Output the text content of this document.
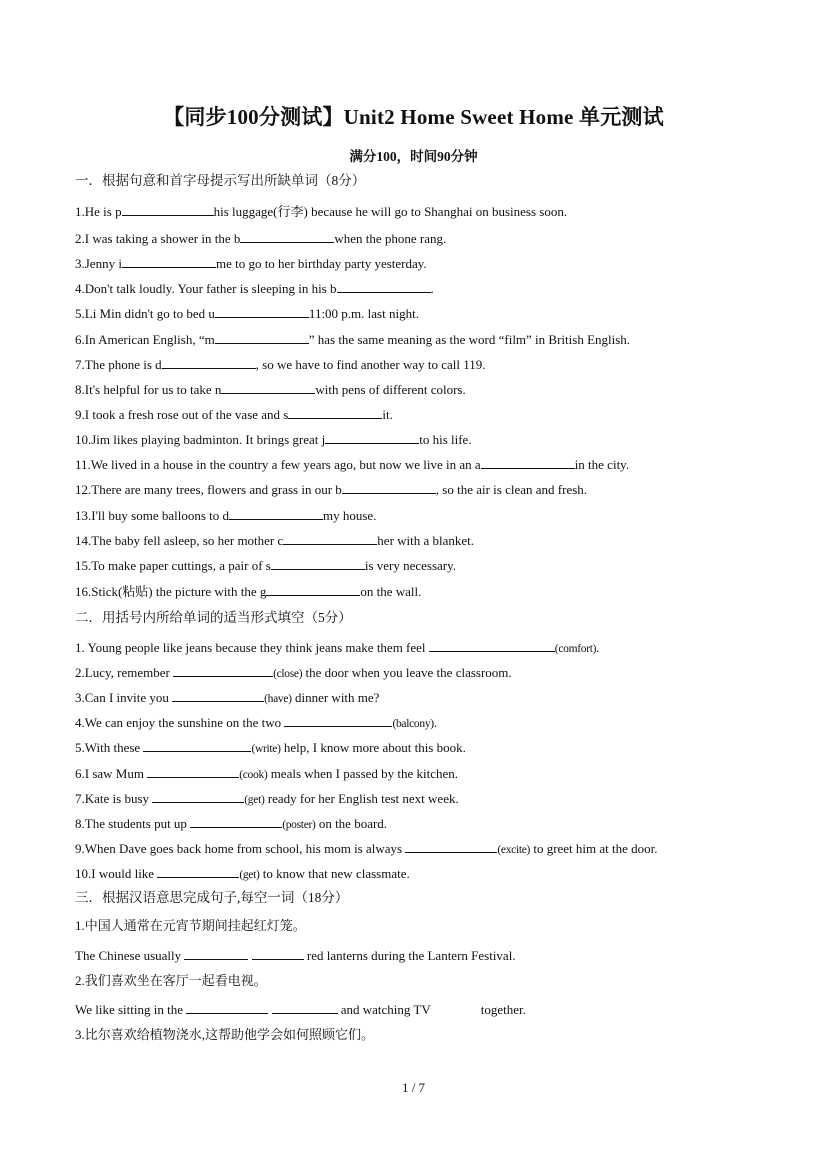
【同步100分测试】Unit2 Home Sweet Home 单元测试
满分100，时间90分钟
一．根据句意和首字母提示写出所缺单词（8分）
1.He is p	his luggage(行李) because he will go to Shanghai on business soon.
2.I was taking a shower in the b	when the phone rang.
3.Jenny i	me to go to her birthday party yesterday.
4.Don't talk loudly. Your father is sleeping in his b	.
5.Li Min didn't go to bed u	11:00 p.m. last night.
6.In American English, “m	” has the same meaning as the word “film” in British English.
7.The phone is d	, so we have to find another way to call 119.
8.It's helpful for us to take n	with pens of different colors.
9.I took a fresh rose out of the vase and s	it.
10.Jim likes playing badminton. It brings great j	to his life.
11.We lived in a house in the country a few years ago, but now we live in an a	in the city.
12.There are many trees, flowers and grass in our b	, so the air is clean and fresh.
13.I'll buy some balloons to d	my house.
14.The baby fell asleep, so her mother c	her with a blanket.
15.To make paper cuttings, a pair of s	is very necessary.
16.Stick(粘贴) the picture with the g	on the wall.
二．用括号内所给单词的适当形式填空（5分）
1. Young people like jeans because they think jeans make them feel	(comfort).
2.Lucy, remember	(close) the door when you leave the classroom.
3.Can I invite you	(have) dinner with me?
4.We can enjoy the sunshine on the two	(balcony).
5.With these	(write) help, I know more about this book.
6.I saw Mum	(cook) meals when I passed by the kitchen.
7.Kate is busy	(get) ready for her English test next week.
8.The students put up	(poster) on the board.
9.When Dave goes back home from school, his mom is always	(excite) to greet him at the door.
10.I would like	(get) to know that new classmate.
三．根据汉语意思完成句子,每空一词（18分）
1.中国人通常在元宵节期间挂起红灯笼。
The Chinese usually	red lanterns during the Lantern Festival.
2.我们喜欢坐在客厅一起看电视。
We like sitting in the	and watching TV	together.
3.比尔喜欢给植物浇水,这帮助他学会如何照顾它们。
1 / 7
